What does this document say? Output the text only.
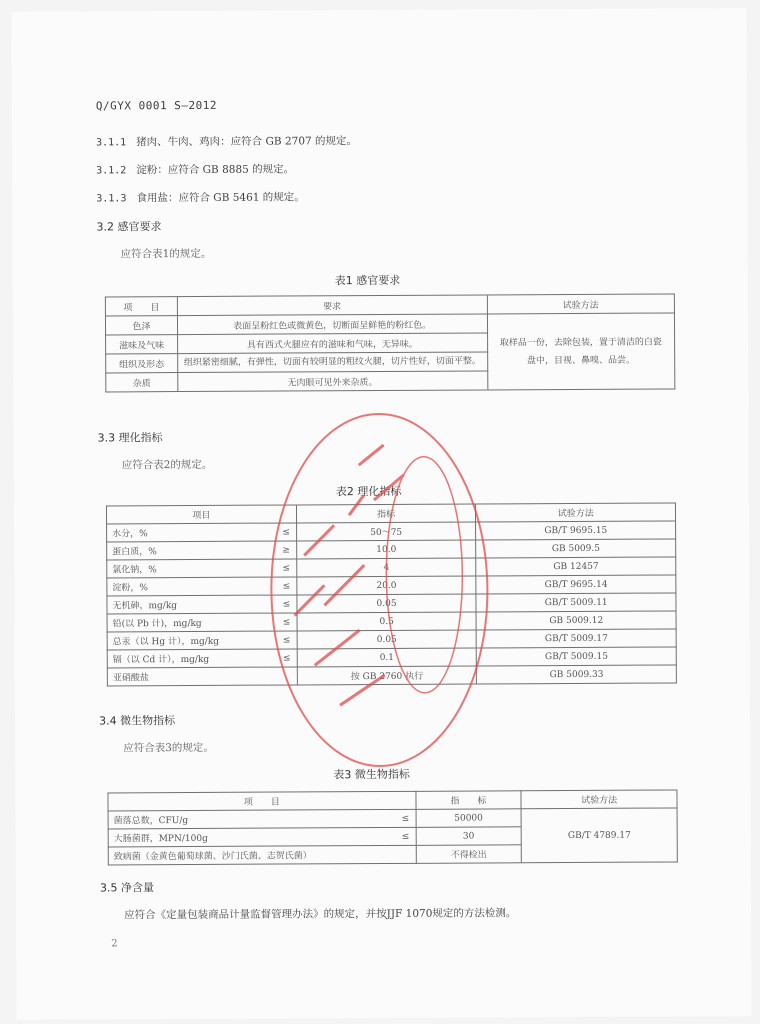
Q/GYX 0001 S—2012
3.1.1 猪肉、牛肉、鸡肉：应符合 GB 2707 的规定。
3.1.2 淀粉：应符合 GB 8885 的规定。
3.1.3 食用盐：应符合 GB 5461 的规定。
3.2 感官要求
应符合表1的规定。
表1 感官要求
项　　目	要求	试验方法
色泽	表面呈粉红色或微黄色，切断面呈鲜艳的粉红色。	取样品一份，去除包装，置于清洁的白瓷盘中，目视、鼻嗅、品尝。
滋味及气味	具有西式火腿应有的滋味和气味，无异味。	
组织及形态	组织紧密细腻，有弹性，切面有较明显的粗纹火腿，切片性好，切面平整。	
杂质	无肉眼可见外来杂质。	
3.3 理化指标
应符合表2的规定。
表2 理化指标
项目		指标	试验方法
水分，%	≤	50～75	GB/T 9695.15
蛋白质，%	≥	10.0	GB 5009.5
氯化钠，%	≤	4	GB 12457
淀粉，%	≤	20.0	GB/T 9695.14
无机砷，mg/kg	≤	0.05	GB/T 5009.11
铅(以 Pb 计)，mg/kg	≤	0.5	GB 5009.12
总汞（以 Hg 计），mg/kg	≤	0.05	GB/T 5009.17
镉（以 Cd 计），mg/kg	≤	0.1	GB/T 5009.15
亚硝酸盐		按 GB 2760 执行	GB 5009.33
3.4 微生物指标
应符合表3的规定。
表3 微生物指标
项　　目		指　　标	试验方法
菌落总数，CFU/g	≤	50000	GB/T 4789.17
大肠菌群，MPN/100g	≤	30	
致病菌（金黄色葡萄球菌、沙门氏菌、志贺氏菌）		不得检出	
3.5 净含量
应符合《定量包装商品计量监督管理办法》的规定，并按JJF 1070规定的方法检测。
2
